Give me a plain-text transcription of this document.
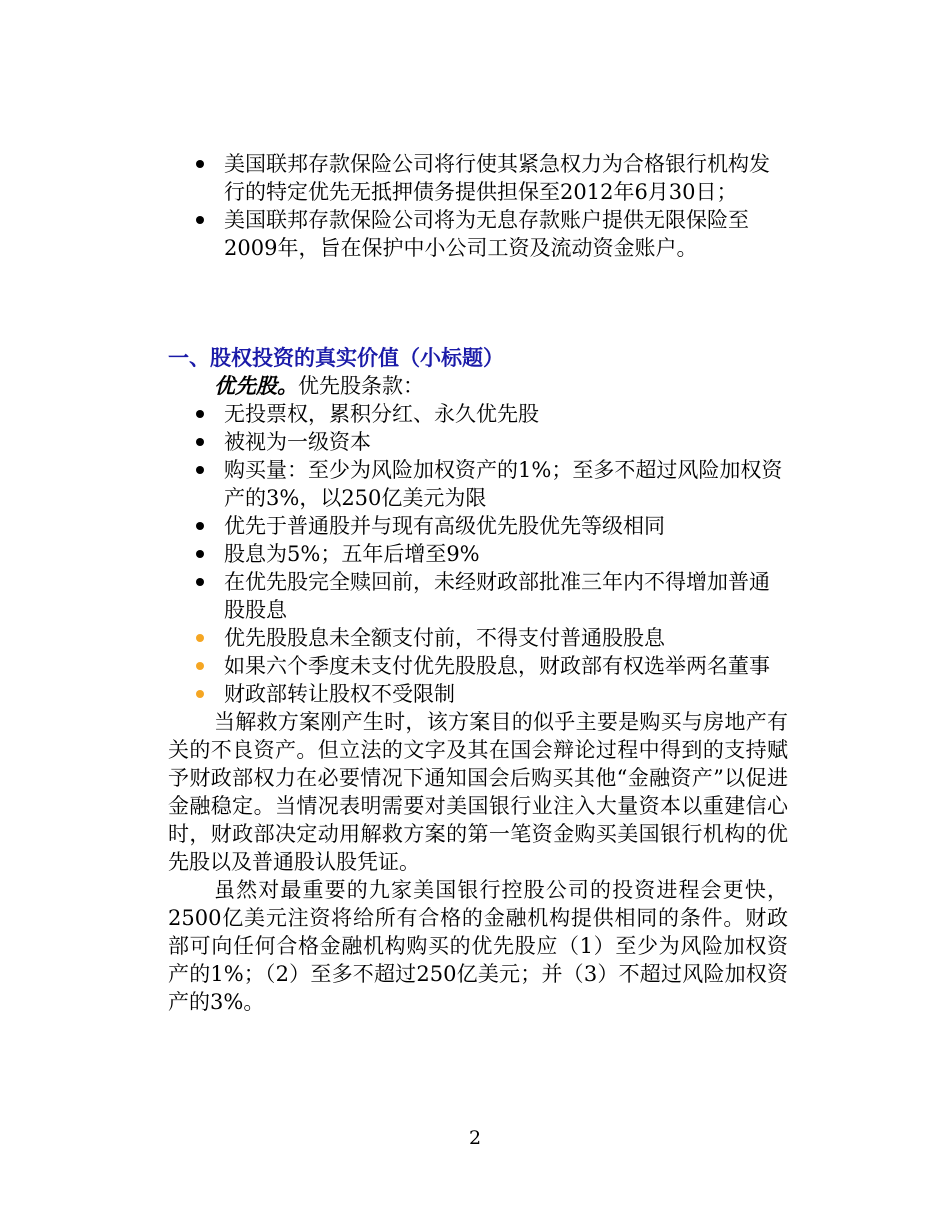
美国联邦存款保险公司将行使其紧急权力为合格银行机构发行的特定优先无抵押债务提供担保至2012年6月30日；
美国联邦存款保险公司将为无息存款账户提供无限保险至2009年，旨在保护中小公司工资及流动资金账户。
一、股权投资的真实价值（小标题）
优先股。优先股条款：
无投票权，累积分红、永久优先股
被视为一级资本
购买量：至少为风险加权资产的1%；至多不超过风险加权资产的3%，以250亿美元为限
优先于普通股并与现有高级优先股优先等级相同
股息为5%；五年后增至9%
在优先股完全赎回前，未经财政部批准三年内不得增加普通股股息
优先股股息未全额支付前，不得支付普通股股息
如果六个季度未支付优先股股息，财政部有权选举两名董事
财政部转让股权不受限制

当解救方案刚产生时，该方案目的似乎主要是购买与房地产有关的不良资产。但立法的文字及其在国会辩论过程中得到的支持赋予财政部权力在必要情况下通知国会后购买其他“金融资产”以促进金融稳定。当情况表明需要对美国银行业注入大量资本以重建信心时，财政部决定动用解救方案的第一笔资金购买美国银行机构的优先股以及普通股认股凭证。

虽然对最重要的九家美国银行控股公司的投资进程会更快，2500亿美元注资将给所有合格的金融机构提供相同的条件。财政部可向任何合格金融机构购买的优先股应（1）至少为风险加权资产的1%；（2）至多不超过250亿美元；并（3）不超过风险加权资产的3%。

2
